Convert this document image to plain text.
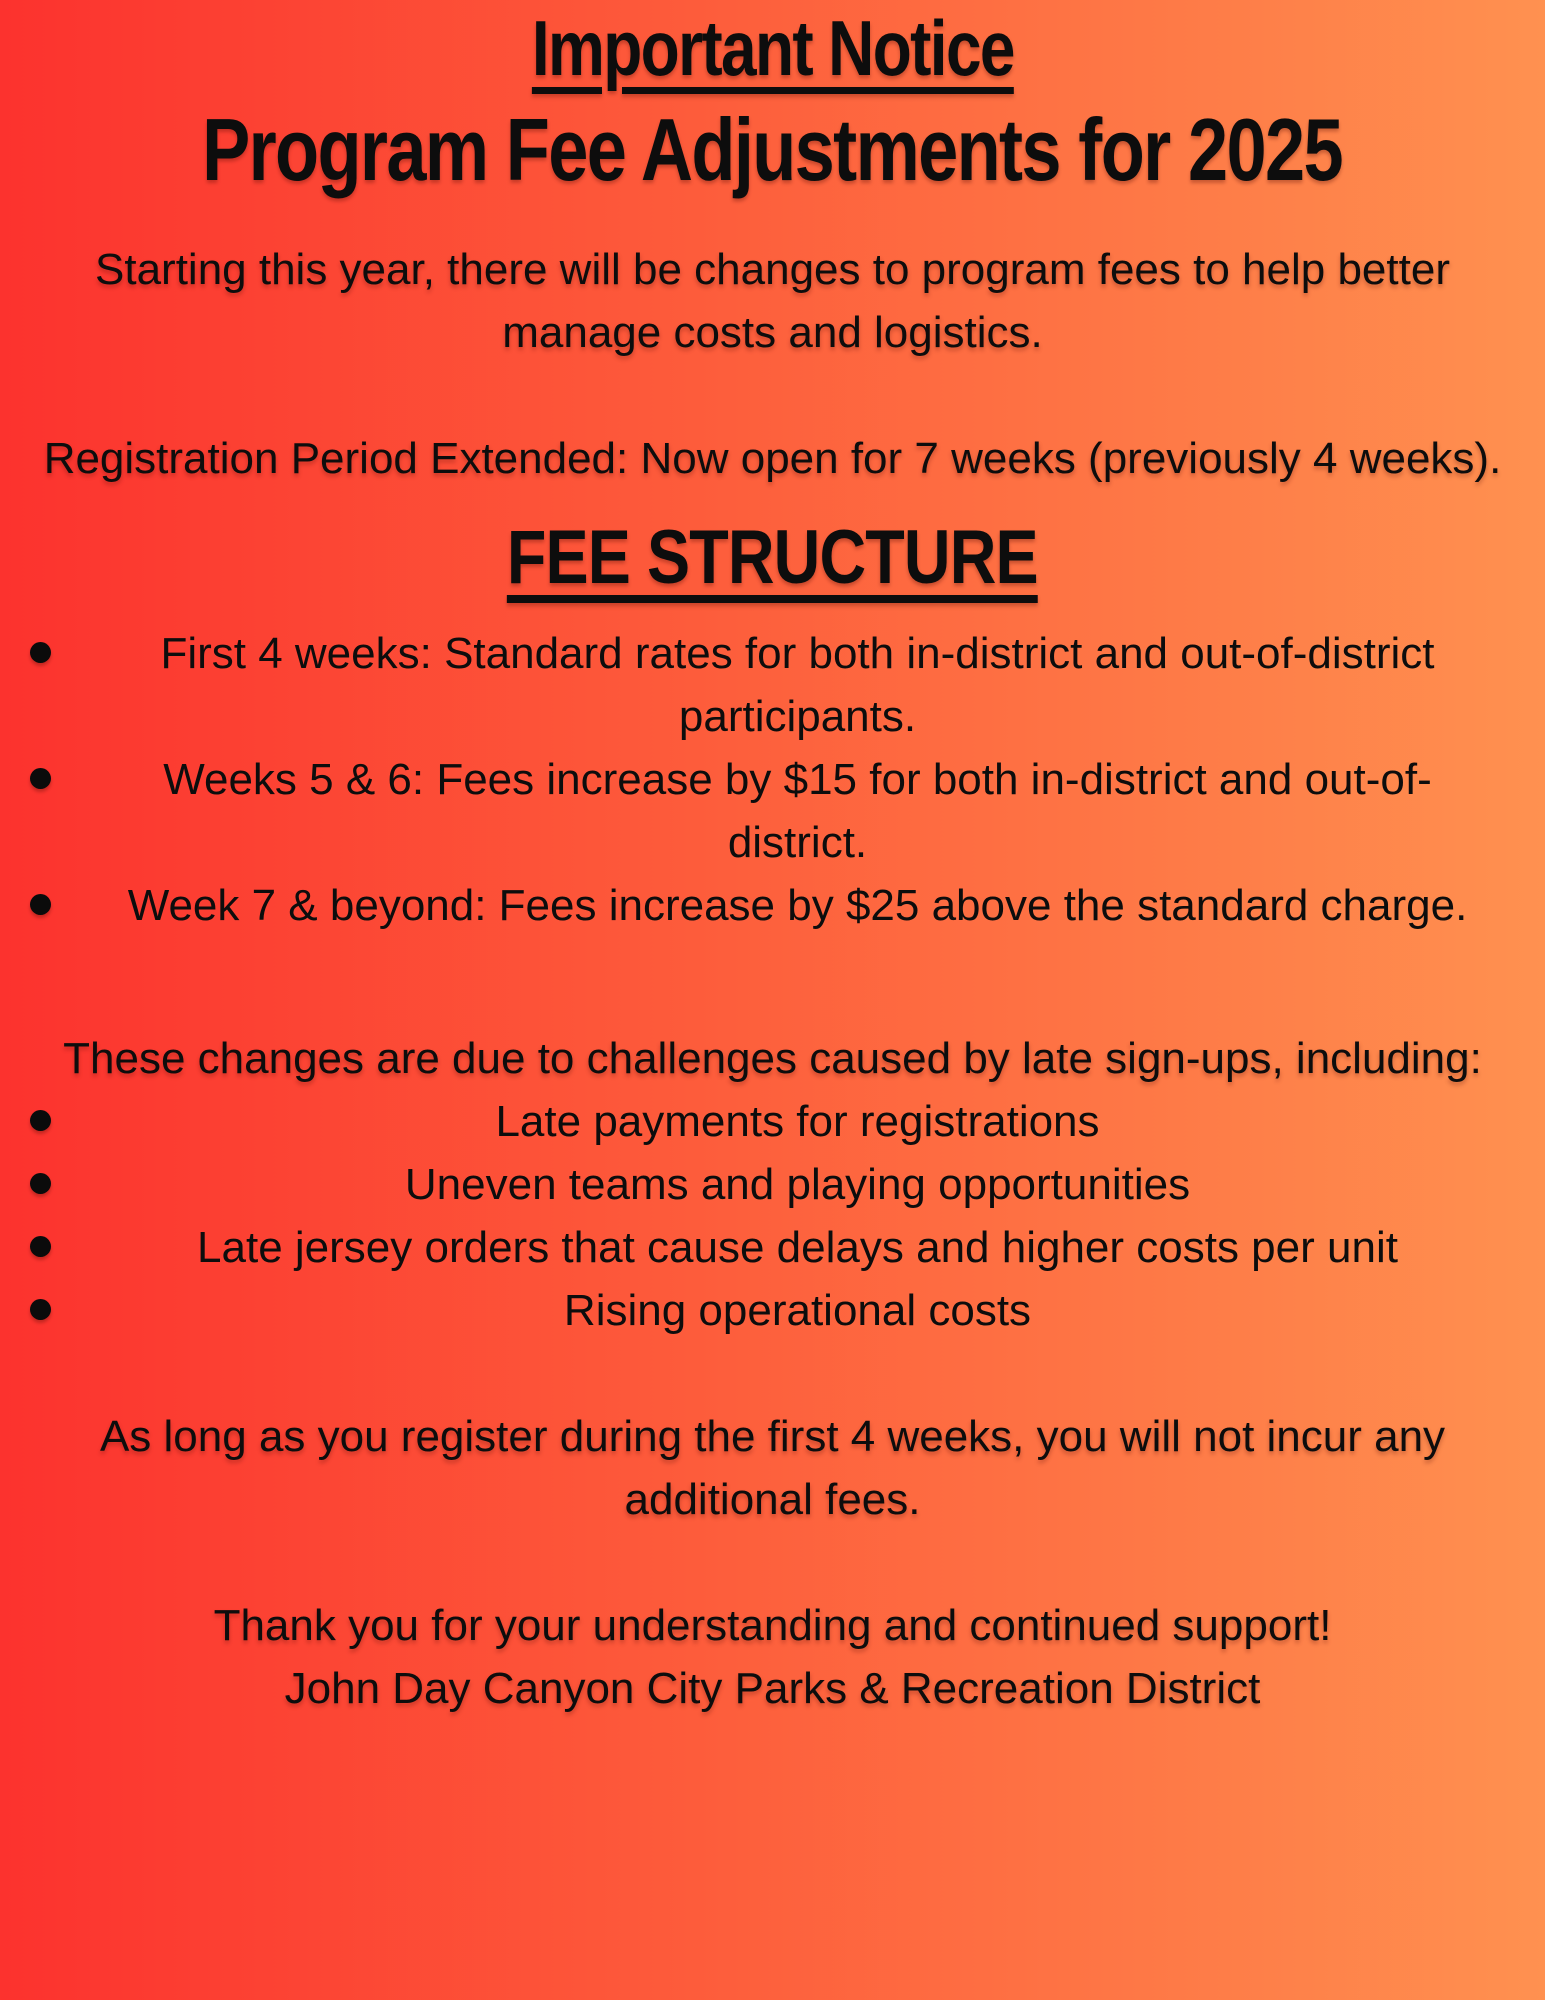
Important Notice
Program Fee Adjustments for 2025

Starting this year, there will be changes to program fees to help better manage costs and logistics.

Registration Period Extended: Now open for 7 weeks (previously 4 weeks).

FEE STRUCTURE
First 4 weeks: Standard rates for both in-district and out-of-district participants.
Weeks 5 & 6: Fees increase by $15 for both in-district and out-of-district.
Week 7 & beyond: Fees increase by $25 above the standard charge.

These changes are due to challenges caused by late sign-ups, including:

Late payments for registrations
Uneven teams and playing opportunities
Late jersey orders that cause delays and higher costs per unit
Rising operational costs

As long as you register during the first 4 weeks, you will not incur any additional fees.

Thank you for your understanding and continued support!

John Day Canyon City Parks & Recreation District
